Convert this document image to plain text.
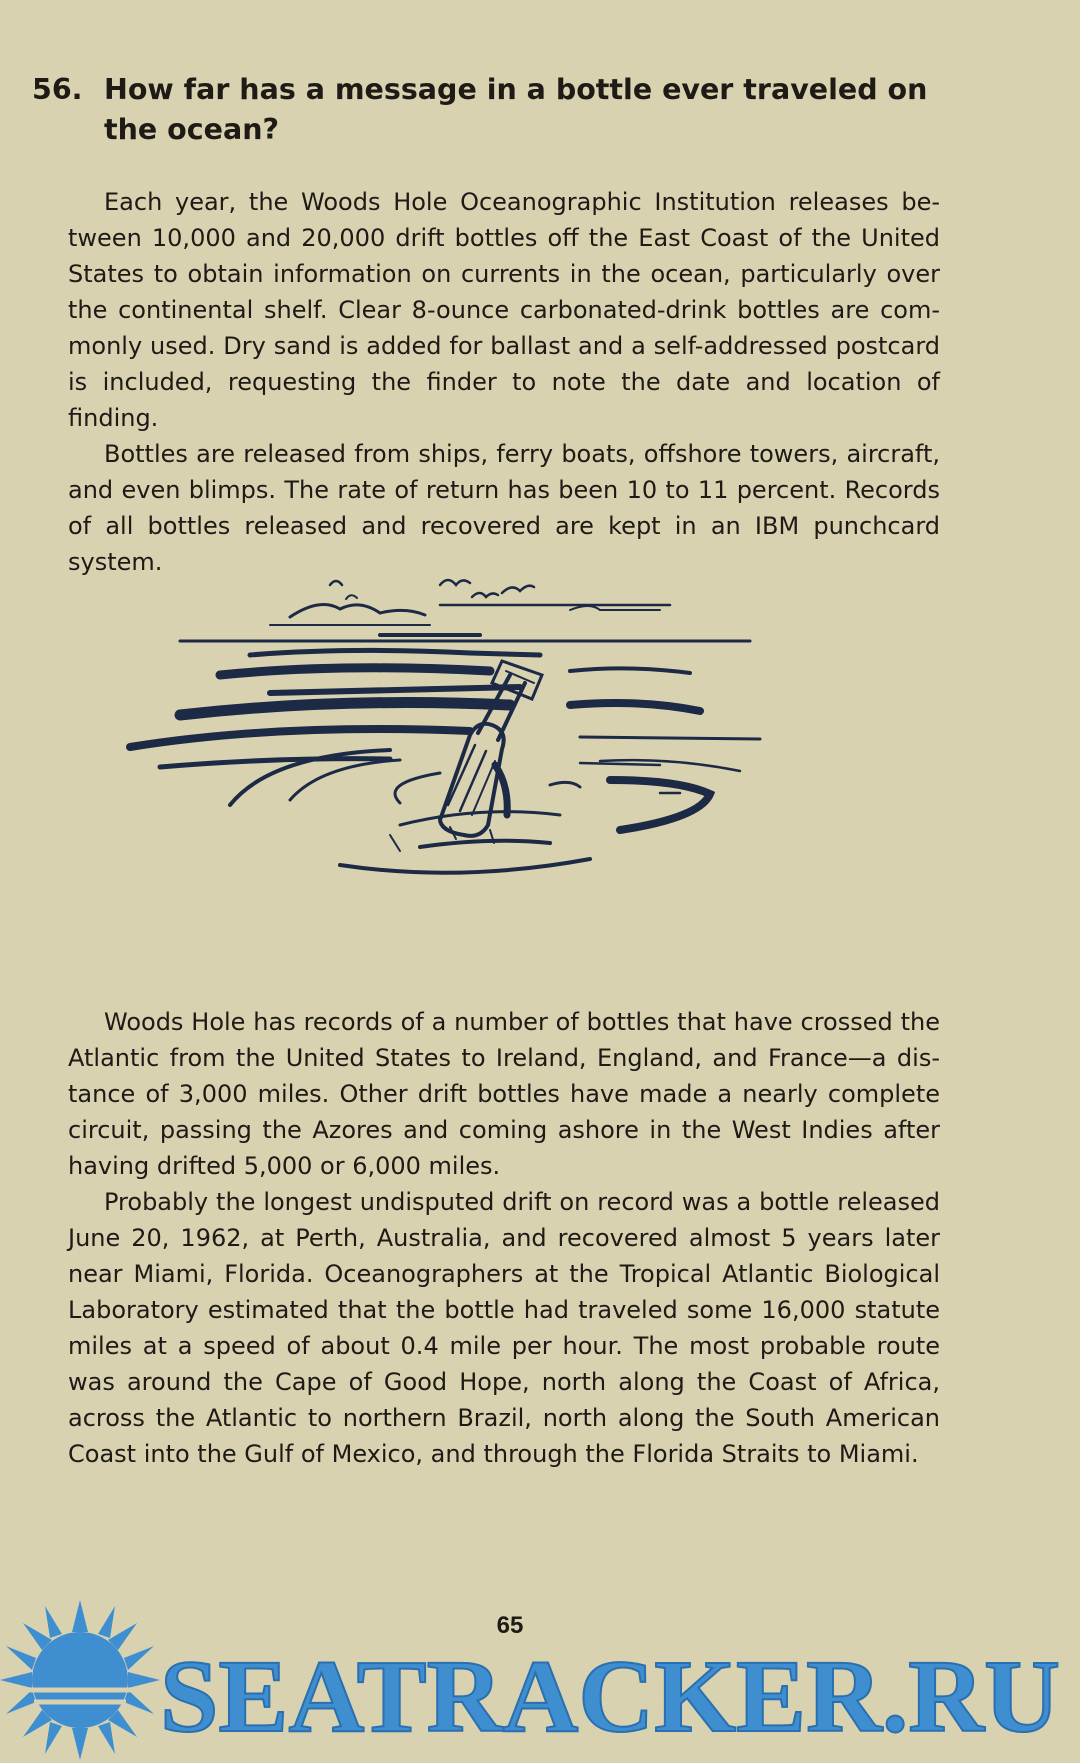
56. How far has a message in a bottle ever traveled on the ocean?

Each year, the Woods Hole Oceanographic Institution releases between 10,000 and 20,000 drift bottles off the East Coast of the United States to obtain information on currents in the ocean, particularly over the continental shelf. Clear 8-ounce carbonated-drink bottles are commonly used. Dry sand is added for ballast and a self-addressed postcard is included, requesting the finder to note the date and location of finding.

Bottles are released from ships, ferry boats, offshore towers, aircraft, and even blimps. The rate of return has been 10 to 11 percent. Records of all bottles released and recovered are kept in an IBM punchcard system.

Woods Hole has records of a number of bottles that have crossed the Atlantic from the United States to Ireland, England, and France—a distance of 3,000 miles. Other drift bottles have made a nearly complete circuit, passing the Azores and coming ashore in the West Indies after having drifted 5,000 or 6,000 miles.

Probably the longest undisputed drift on record was a bottle released June 20, 1962, at Perth, Australia, and recovered almost 5 years later near Miami, Florida. Oceanographers at the Tropical Atlantic Biological Laboratory estimated that the bottle had traveled some 16,000 statute miles at a speed of about 0.4 mile per hour. The most probable route was around the Cape of Good Hope, north along the Coast of Africa, across the Atlantic to northern Brazil, north along the South American Coast into the Gulf of Mexico, and through the Florida Straits to Miami.

65
SEATRACKER.RU
